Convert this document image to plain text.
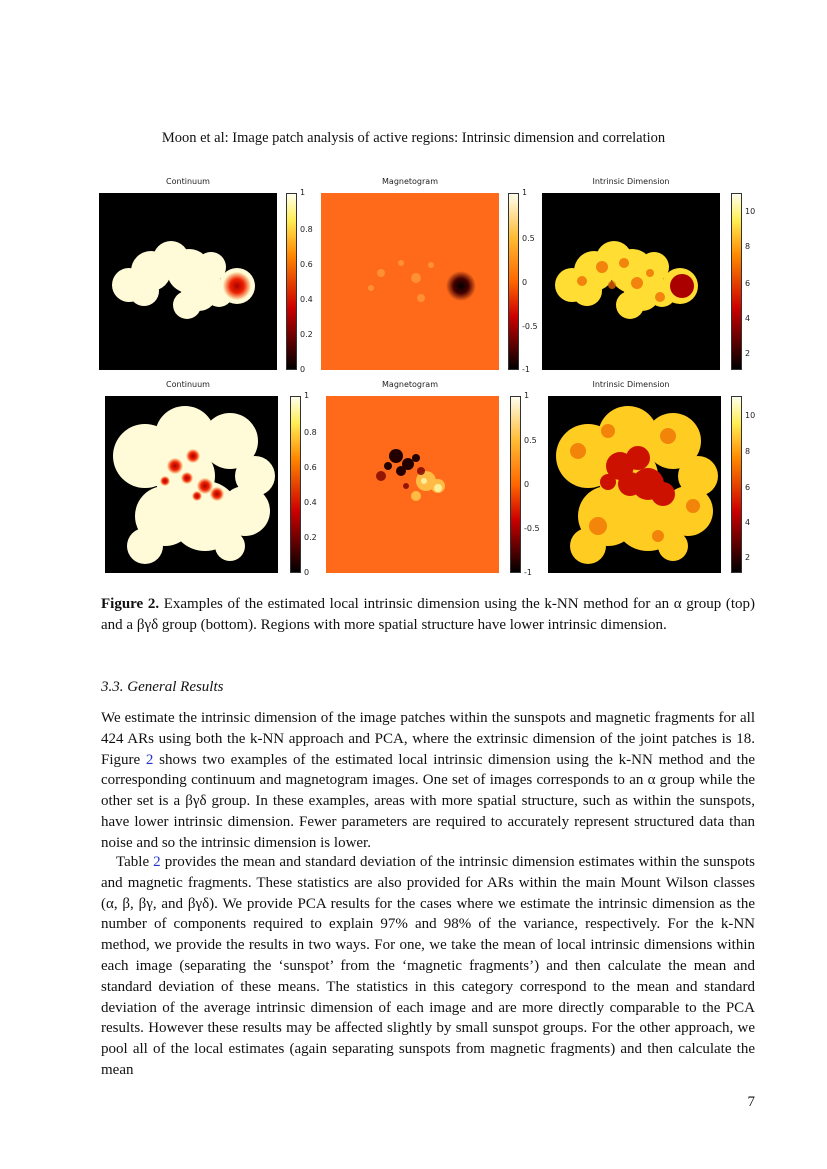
Moon et al: Image patch analysis of active regions: Intrinsic dimension and correlation
Continuum
1
0.8
0.6
0.4
0.2
0
Magnetogram
1
0.5
0
-0.5
-1
Intrinsic Dimension
10
8
6
4
2
Continuum
1
0.8
0.6
0.4
0.2
0
Magnetogram
1
0.5
0
-0.5
-1
Intrinsic Dimension
10
8
6
4
2
Figure 2. Examples of the estimated local intrinsic dimension using the k-NN method for an α group (top) and a βγδ group (bottom). Regions with more spatial structure have lower intrinsic dimension.
3.3. General Results

We estimate the intrinsic dimension of the image patches within the sunspots and magnetic fragments for all 424 ARs using both the k-NN approach and PCA, where the extrinsic dimension of the joint patches is 18. Figure 2 shows two examples of the estimated local intrinsic dimension using the k-NN method and the corresponding continuum and magnetogram images. One set of images corresponds to an α group while the other set is a βγδ group. In these examples, areas with more spatial structure, such as within the sunspots, have lower intrinsic dimension. Fewer parameters are required to accurately represent structured data than noise and so the intrinsic dimension is lower.

Table 2 provides the mean and standard deviation of the intrinsic dimension estimates within the sunspots and magnetic fragments. These statistics are also provided for ARs within the main Mount Wilson classes (α, β, βγ, and βγδ). We provide PCA results for the cases where we estimate the intrinsic dimension as the number of components required to explain 97% and 98% of the variance, respectively. For the k-NN method, we provide the results in two ways. For one, we take the mean of local intrinsic dimensions within each image (separating the ‘sunspot’ from the ‘magnetic fragments’) and then calculate the mean and standard deviation of these means. The statistics in this category correspond to the mean and standard deviation of the average intrinsic dimension of each image and are more directly comparable to the PCA results. However these results may be affected slightly by small sunspot groups. For the other approach, we pool all of the local estimates (again separating sunspots from magnetic fragments) and then calculate the mean

7
